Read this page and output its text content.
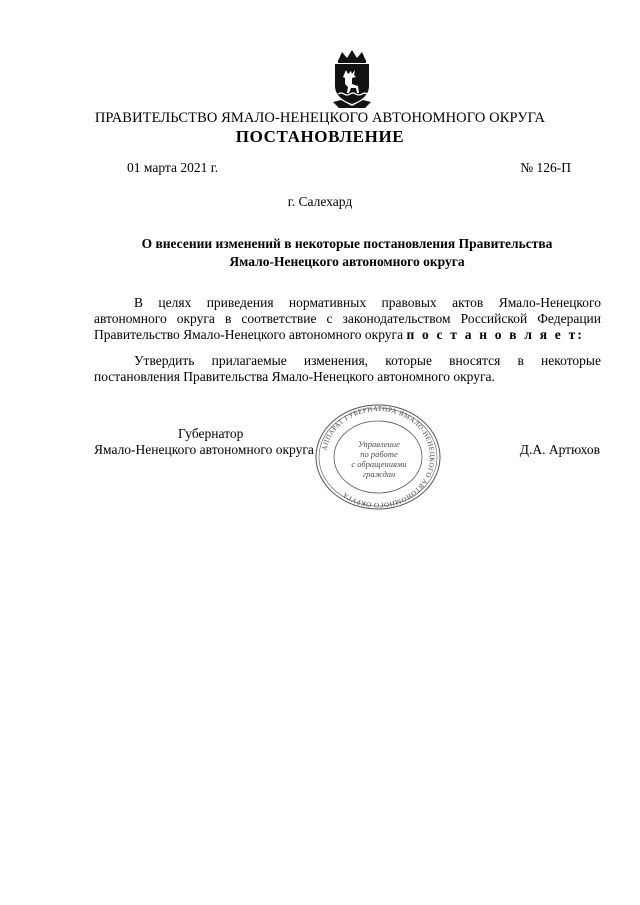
ПРАВИТЕЛЬСТВО ЯМАЛО-НЕНЕЦКОГО АВТОНОМНОГО ОКРУГА
ПОСТАНОВЛЕНИЕ
01 марта 2021 г.	№ 126-П
г. Салехард
О внесении изменений в некоторые постановления Правительства
Ямало-Ненецкого автономного округа
В целях приведения нормативных правовых актов Ямало-Ненецкого
автономного округа в соответствие с законодательством Российской Федерации
Правительство Ямало-Ненецкого автономного округа п о с т а н о в л я е т:
Утвердить прилагаемые изменения, которые вносятся в некоторые
постановления Правительства Ямало-Ненецкого автономного округа.
Губернатор
Ямало-Ненецкого автономного округа	Д.А. Артюхов
АППАРАТ ГУБЕРНАТОРА ЯМАЛО-НЕНЕЦКОГО АВТОНОМНОГО ОКРУГА
Управление
по работе
с обращениями
граждан
